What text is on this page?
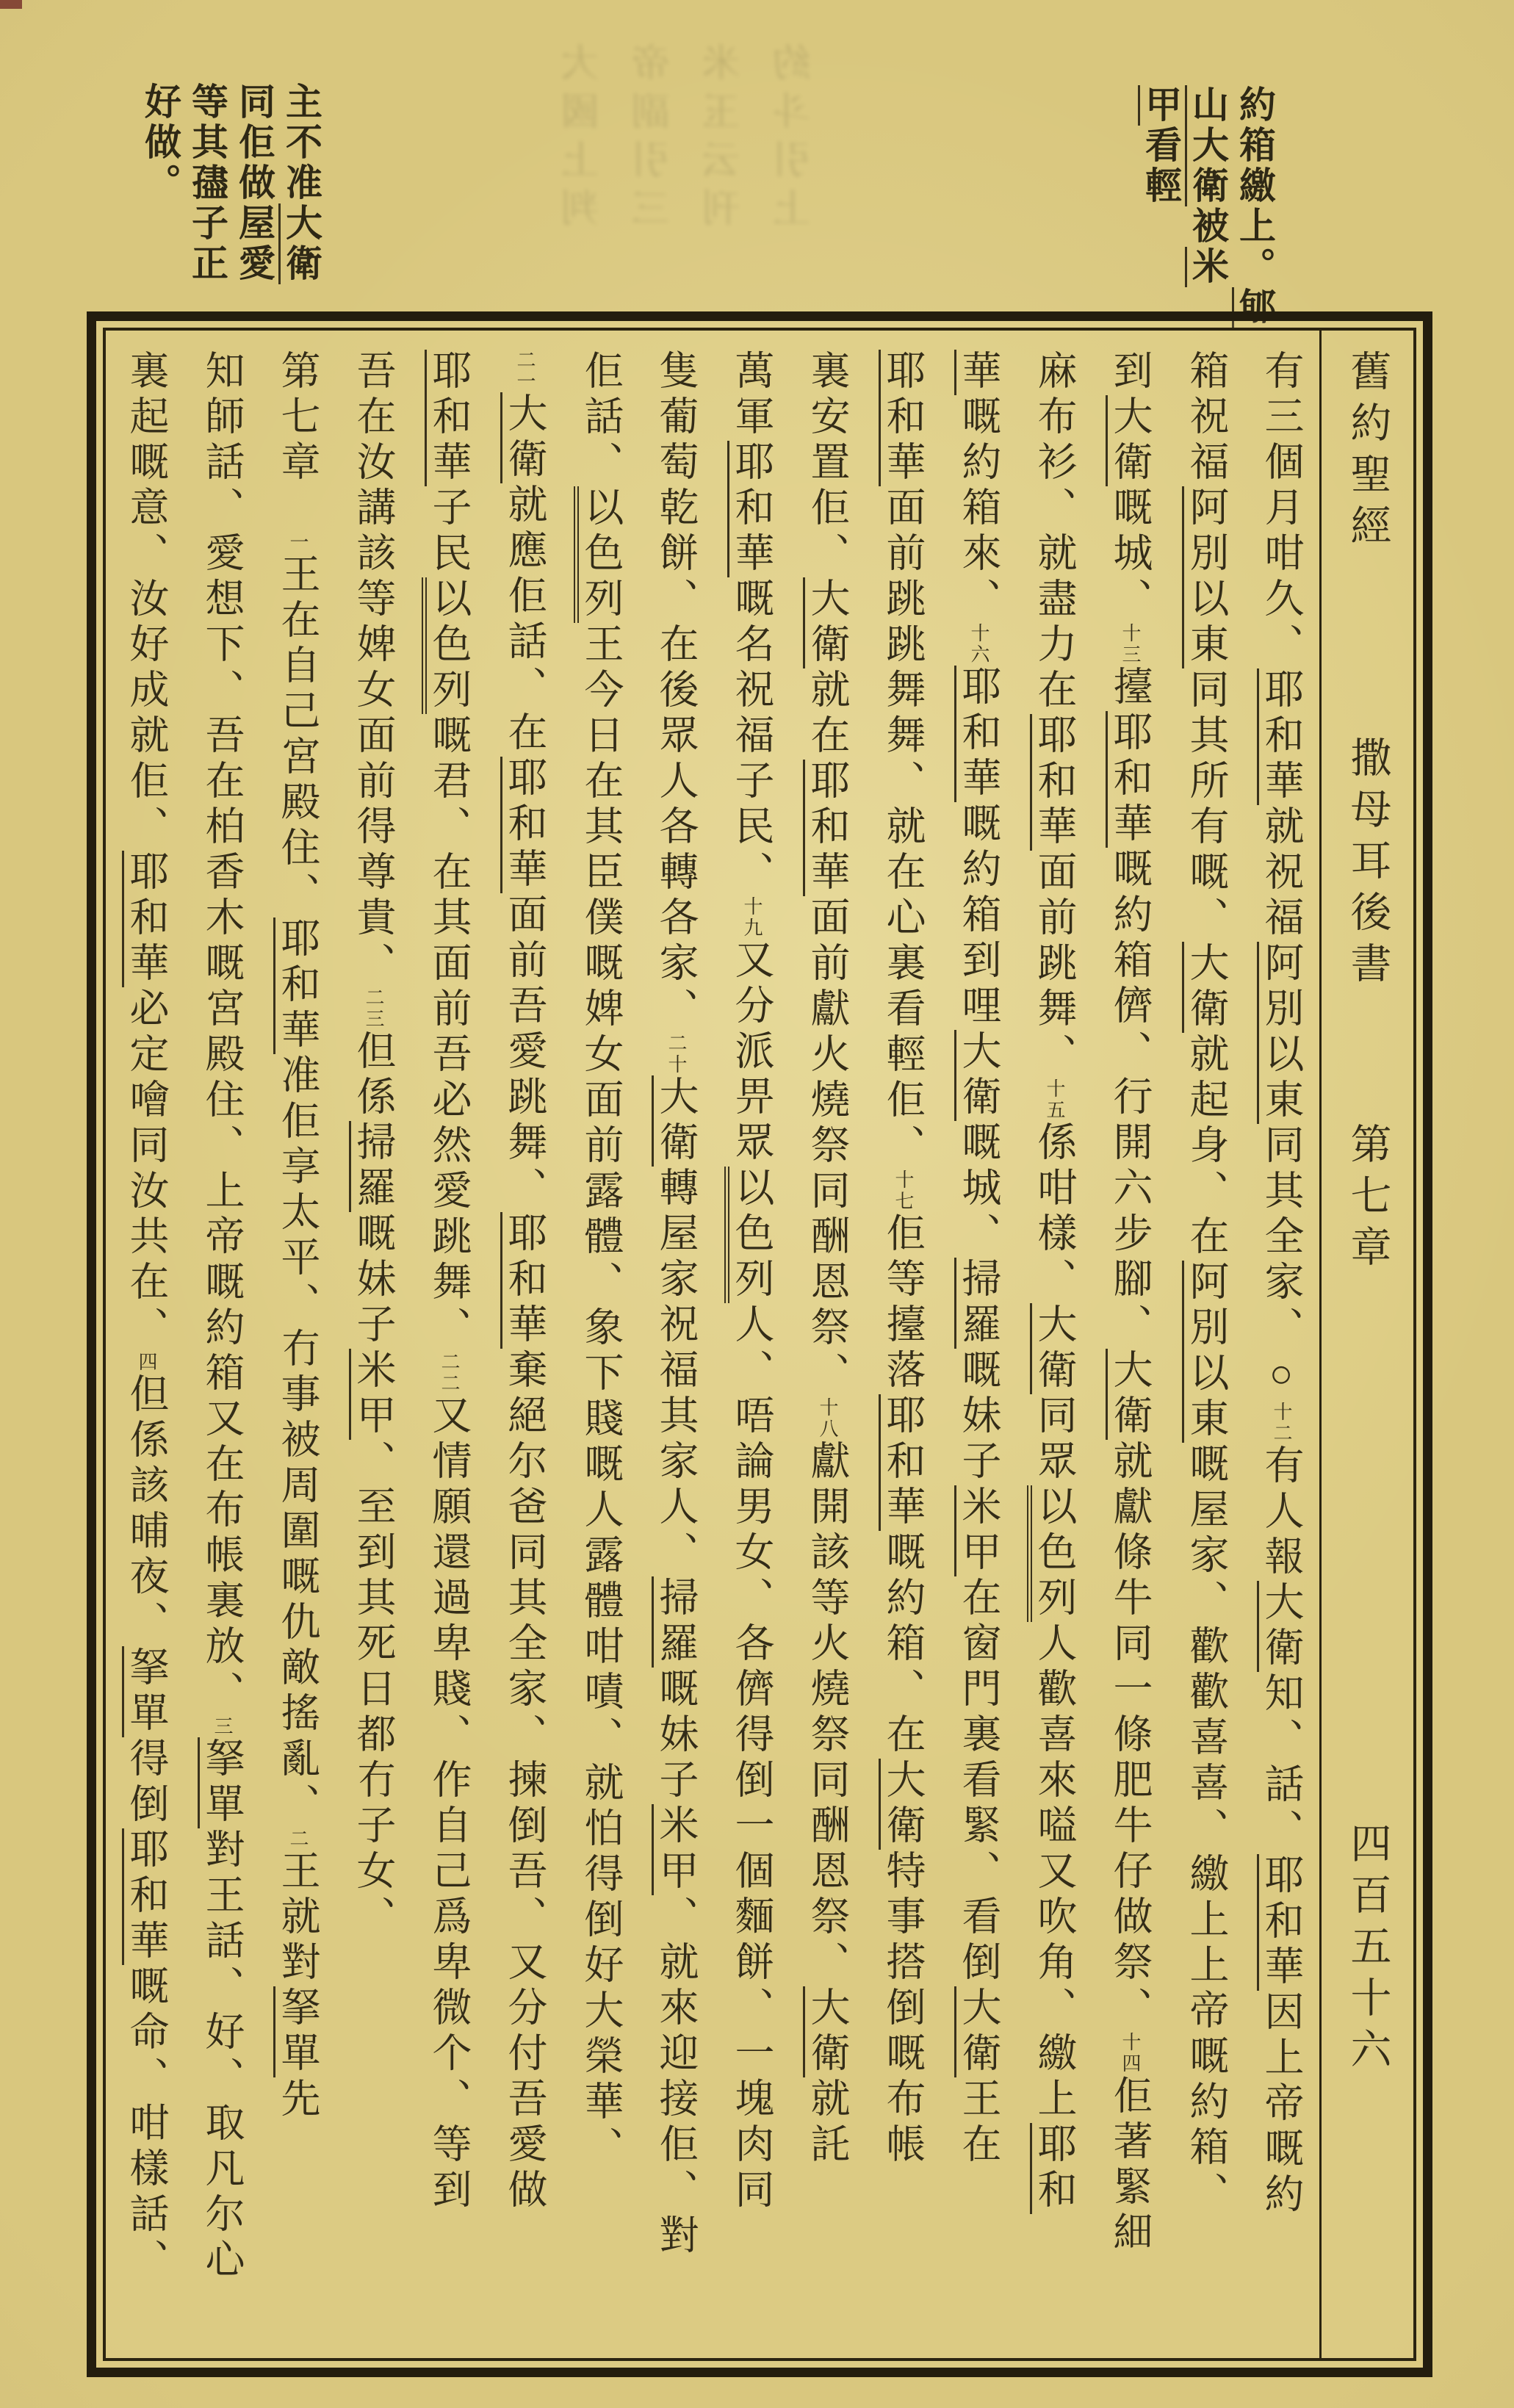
大國上判 帝副引三 米玉云刊 約斗引上
主不准大衛
同佢做屋愛
等其孻子正
好做。	約箱繳上。郇
山大衛被米
甲看輕
舊約聖經
撒母耳後書
第七章
四百五十六
有三個月咁久、耶和華就祝福阿別以東同其全家、○十二有人報大衛知、話、耶和華因上帝嘅約
箱祝福阿別以東同其所有嘅、大衛就起身、在阿別以東嘅屋家、歡歡喜喜、繳上上帝嘅約箱、
到大衛嘅城、十三擡耶和華嘅約箱儕、行開六步腳、大衛就獻條牛同一條肥牛仔做祭、十四佢著緊細
麻布衫、就盡力在耶和華面前跳舞、十五係咁樣、大衛同眾以色列人歡喜來嗌又吹角、繳上耶和
華嘅約箱來、十六耶和華嘅約箱到哩大衛嘅城、掃羅嘅妹子米甲在窗門裏看緊、看倒大衛王在
耶和華面前跳跳舞舞、就在心裏看輕佢、十七佢等擡落耶和華嘅約箱、在大衛特事搭倒嘅布帳
裏安置佢、大衛就在耶和華面前獻火燒祭同酬恩祭、十八獻開該等火燒祭同酬恩祭、大衛就託
萬軍耶和華嘅名祝福子民、十九又分派畀眾以色列人、唔論男女、各儕得倒一個麵餅、一塊肉同
隻葡萄乾餅、在後眾人各轉各家、二十大衛轉屋家祝福其家人、掃羅嘅妹子米甲、就來迎接佢、對
佢話、以色列王今日在其臣僕嘅婢女面前露體、象下賤嘅人露體咁嘖、就怕得倒好大榮華、
二一大衛就應佢話、在耶和華面前吾愛跳舞、耶和華棄絕尔爸同其全家、揀倒吾、又分付吾愛做
耶和華子民以色列嘅君、在其面前吾必然愛跳舞、二二又情願還過卑賤、作自己爲卑微个、等到
吾在汝講該等婢女面前得尊貴、二三但係掃羅嘅妹子米甲、至到其死日都冇子女、
第七章　一王在自己宮殿住、耶和華准佢享太平、冇事被周圍嘅仇敵搖亂、二王就對拏單先
知師話、愛想下、吾在柏香木嘅宮殿住、上帝嘅約箱又在布帳裏放、三拏單對王話、好、取凡尔心
裏起嘅意、汝好成就佢、耶和華必定噲同汝共在、四但係該晡夜、拏單得倒耶和華嘅命、咁樣話、
